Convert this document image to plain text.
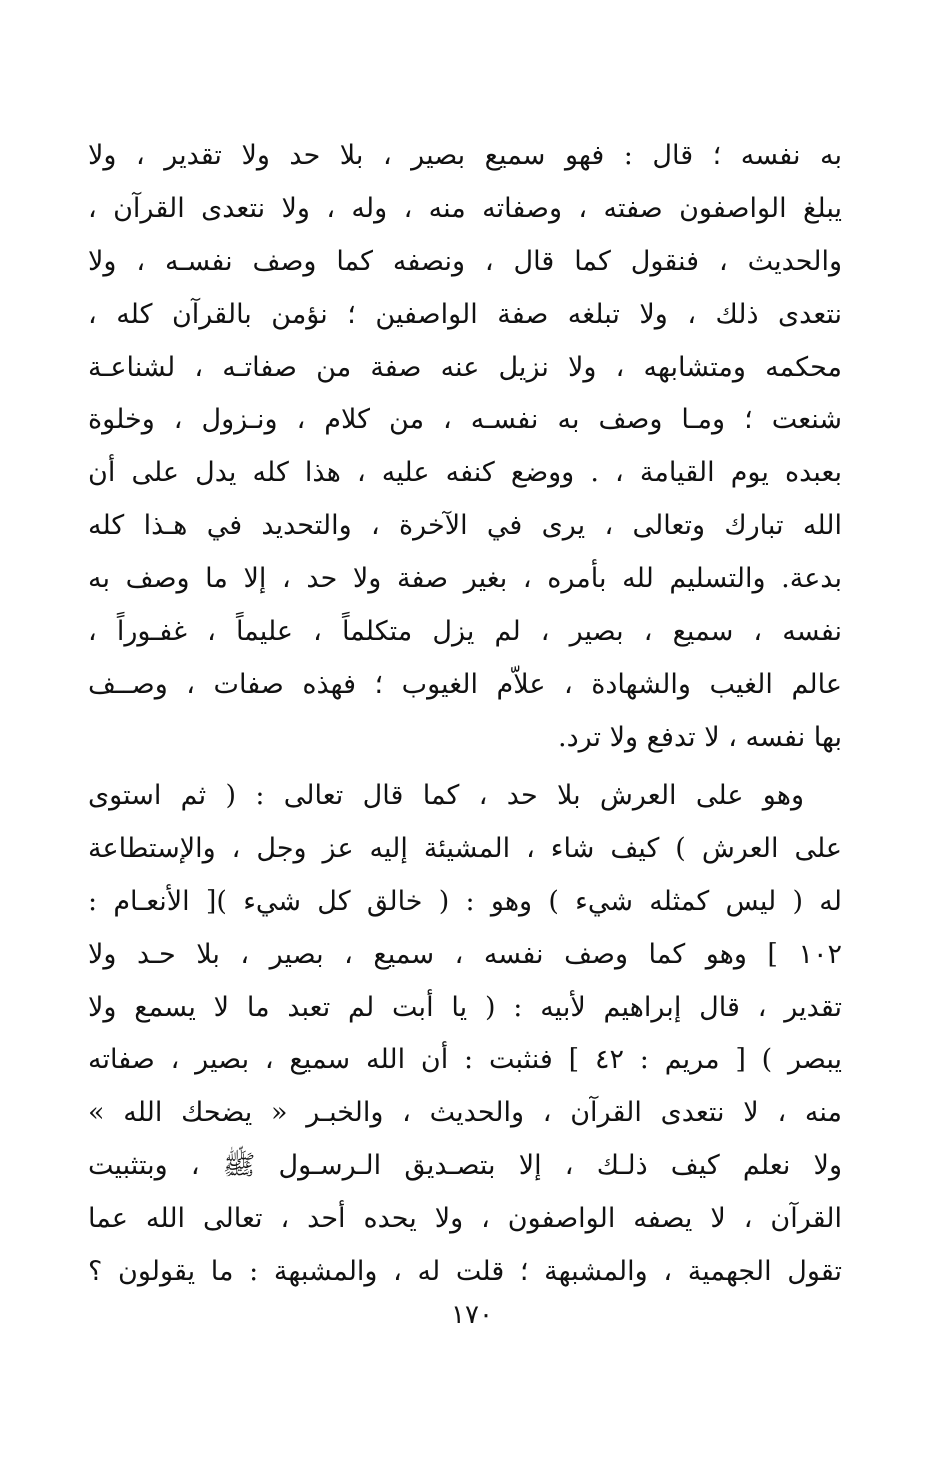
به نفسه ؛ قال : فهو سميع بصير ، بلا حد ولا تقدير ، ولا
يبلغ الواصفون صفته ، وصفاته منه ، وله ، ولا نتعدى القرآن ،
والحديث ، فنقول كما قال ، ونصفه كما وصف نفسـه ، ولا
نتعدى ذلك ، ولا تبلغه صفة الواصفين ؛ نؤمن بالقرآن كله ،
محكمه ومتشابهه ، ولا نزيل عنه صفة من صفاتـه ، لشناعـة
شنعت ؛ ومـا وصف به نفسـه ، من كلام ، ونـزول ، وخلوة
بعبده يوم القيامة ، . ووضع كنفه عليه ، هذا كله يدل على أن
الله تبارك وتعالى ، يرى في الآخرة ، والتحديد في هـذا كله
بدعة. والتسليم لله بأمره ، بغير صفة ولا حد ، إلا ما وصف به
نفسه ، سميع ، بصير ، لم يزل متكلماً ، عليماً ، غفـوراً ،
عالم الغيب والشهادة ، علاّم الغيوب ؛ فهذه صفات ، وصــف
بها نفسه ، لا تدفع ولا ترد.
وهو على العرش بلا حد ، كما قال تعالى : ( ثم استوى
على العرش ) كيف شاء ، المشيئة إليه عز وجل ، والإستطاعة
له ( ليس كمثله شيء ) وهو : ( خالق كل شيء )[ الأنعـام :
١٠٢ ] وهو كما وصف نفسه ، سميع ، بصير ، بلا حـد ولا
تقدير ، قال إبراهيم لأبيه : ( يا أبت لم تعبد ما لا يسمع ولا
يبصر ) [ مريم : ٤٢ ] فنثبت : أن الله سميع ، بصير ، صفاته
منه ، لا نتعدى القرآن ، والحديث ، والخبـر « يضحك الله »
ولا نعلم كيف ذلـك ، إلا بتصـديق الـرسـول ﷺ ، وبتثبيت
القرآن ، لا يصفه الواصفون ، ولا يحده أحد ، تعالى الله عما
تقول الجهمية ، والمشبهة ؛ قلت له ، والمشبهة : ما يقولون ؟
١٧٠
